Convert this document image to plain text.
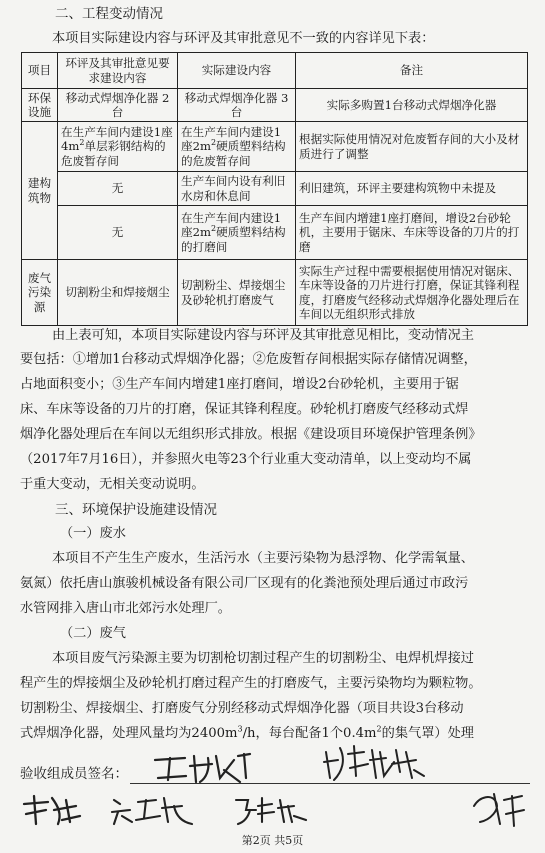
二、工程变动情况
本项目实际建设内容与环评及其审批意见不一致的内容详见下表：
项目	环评及其审批意见要求建设内容	实际建设内容	备注
环保设施	移动式焊烟净化器 2台	移动式焊烟净化器 3台	实际多购置1台移动式焊烟净化器
建构筑物	在生产车间内建设1座$4m^2$单层彩钢结构的危废暂存间	在生产车间内建设1座$2m^2$硬质塑料结构的危废暂存间	根据实际使用情况对危废暂存间的大小及材质进行了调整
	无	生产车间内设有利旧水房和休息间	利旧建筑，环评主要建构筑物中未提及
	无	在生产车间内建设1座$2m^2$硬质塑料结构的打磨间	生产车间内增建1座打磨间，增设2台砂轮机，主要用于锯床、车床等设备的刀片的打磨
废气污染源	切割粉尘和焊接烟尘	切割粉尘、焊接烟尘及砂轮机打磨废气	实际生产过程中需要根据使用情况对锯床、车床等设备的刀片进行打磨，保证其锋利程度，打磨废气经移动式焊烟净化器处理后在车间以无组织形式排放
由上表可知，本项目实际建设内容与环评及其审批意见相比，变动情况主
要包括：①增加1台移动式焊烟净化器；②危废暂存间根据实际存储情况调整，
占地面积变小；③生产车间内增建1座打磨间，增设2台砂轮机，主要用于锯
床、车床等设备的刀片的打磨，保证其锋利程度。砂轮机打磨废气经移动式焊
烟净化器处理后在车间以无组织形式排放。根据《建设项目环境保护管理条例》
（2017年7月16日），并参照火电等23个行业重大变动清单，以上变动均不属
于重大变动，无相关变动说明。
三、环境保护设施建设情况
（一）废水
本项目不产生生产废水，生活污水（主要污染物为悬浮物、化学需氧量、
氨氮）依托唐山旗骏机械设备有限公司厂区现有的化粪池预处理后通过市政污
水管网排入唐山市北郊污水处理厂。
（二）废气
本项目废气污染源主要为切割枪切割过程产生的切割粉尘、电焊机焊接过
程产生的焊接烟尘及砂轮机打磨过程产生的打磨废气，主要污染物均为颗粒物。
切割粉尘、焊接烟尘、打磨废气分别经移动式焊烟净化器（项目共设3台移动
式焊烟净化器，处理风量均为$2400m^3/h$，每台配备1个$0.4m^2$的集气罩）处理
验收组成员签名：
第2页 共5页
